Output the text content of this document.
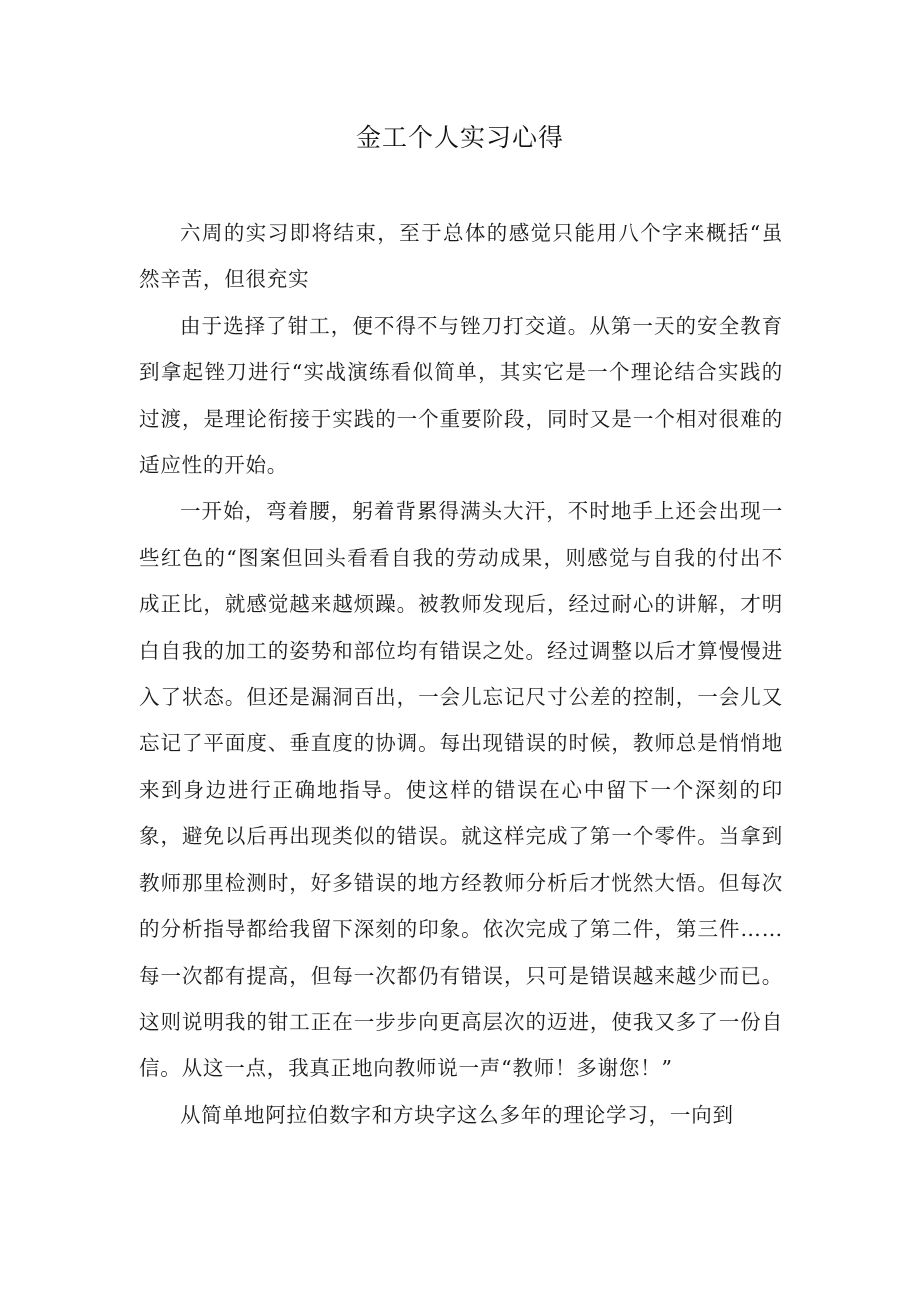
金工个人实习心得

六周的实习即将结束，至于总体的感觉只能用八个字来概括“虽然辛苦，但很充实

由于选择了钳工，便不得不与锉刀打交道。从第一天的安全教育到拿起锉刀进行“实战演练看似简单，其实它是一个理论结合实践的过渡，是理论衔接于实践的一个重要阶段，同时又是一个相对很难的适应性的开始。

一开始，弯着腰，躬着背累得满头大汗，不时地手上还会出现一些红色的“图案但回头看看自我的劳动成果，则感觉与自我的付出不成正比，就感觉越来越烦躁。被教师发现后，经过耐心的讲解，才明白自我的加工的姿势和部位均有错误之处。经过调整以后才算慢慢进入了状态。但还是漏洞百出，一会儿忘记尺寸公差的控制，一会儿又忘记了平面度、垂直度的协调。每出现错误的时候，教师总是悄悄地来到身边进行正确地指导。使这样的错误在心中留下一个深刻的印象，避免以后再出现类似的错误。就这样完成了第一个零件。当拿到教师那里检测时，好多错误的地方经教师分析后才恍然大悟。但每次的分析指导都给我留下深刻的印象。依次完成了第二件，第三件……每一次都有提高，但每一次都仍有错误，只可是错误越来越少而已。这则说明我的钳工正在一步步向更高层次的迈进，使我又多了一份自信。从这一点，我真正地向教师说一声“教师！多谢您！”

从简单地阿拉伯数字和方块字这么多年的理论学习，一向到
